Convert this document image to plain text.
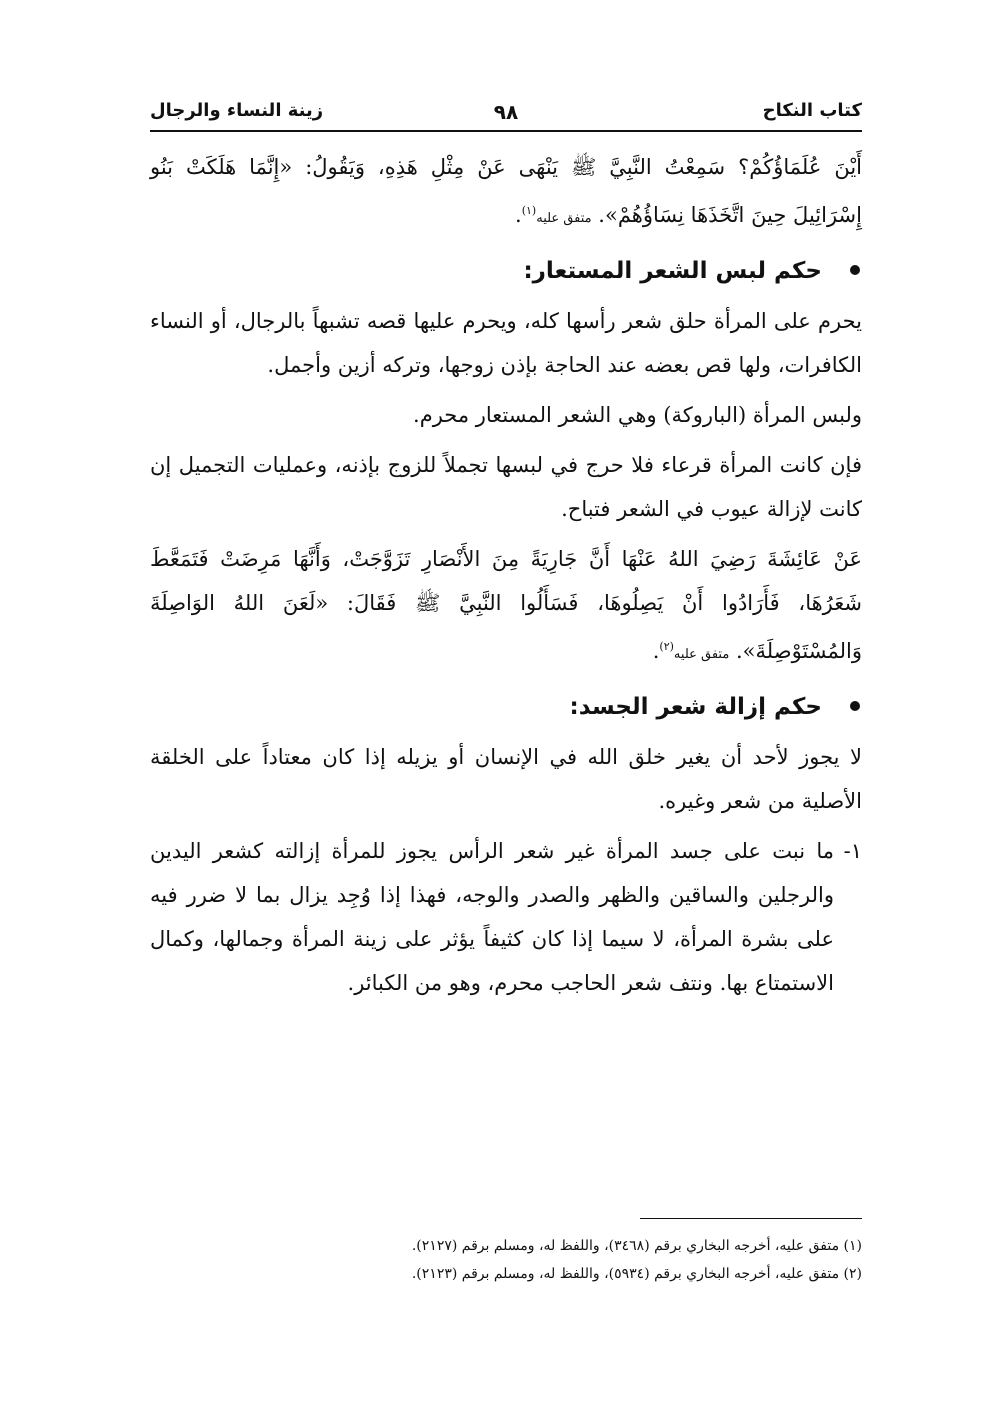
كتاب النكاح
٩٨
زينة النساء والرجال

أَيْنَ عُلَمَاؤُكُمْ؟ سَمِعْتُ النَّبِيَّ ﷺ يَنْهَى عَنْ مِثْلِ هَذِهِ، وَيَقُولُ: «إِنَّمَا هَلَكَتْ بَنُو إِسْرَائِيلَ حِينَ اتَّخَذَهَا نِسَاؤُهُمْ». متفق عليه$^{(١)}$.

حكم لبس الشعر المستعار:

يحرم على المرأة حلق شعر رأسها كله، ويحرم عليها قصه تشبهاً بالرجال، أو النساء الكافرات، ولها قص بعضه عند الحاجة بإذن زوجها، وتركه أزين وأجمل.

ولبس المرأة (الباروكة) وهي الشعر المستعار محرم.

فإن كانت المرأة قرعاء فلا حرج في لبسها تجملاً للزوج بإذنه، وعمليات التجميل إن كانت لإزالة عيوب في الشعر فتباح.

عَنْ عَائِشَةَ رَضِيَ اللهُ عَنْهَا أَنَّ جَارِيَةً مِنَ الأَنْصَارِ تَزَوَّجَتْ، وَأَنَّهَا مَرِضَتْ فَتَمَعَّطَ شَعَرُهَا، فَأَرَادُوا أَنْ يَصِلُوهَا، فَسَأَلُوا النَّبِيَّ ﷺ فَقَالَ: «لَعَنَ اللهُ الوَاصِلَةَ وَالمُسْتَوْصِلَةَ». متفق عليه$^{(٢)}$.

حكم إزالة شعر الجسد:

لا يجوز لأحد أن يغير خلق الله في الإنسان أو يزيله إذا كان معتاداً على الخلقة الأصلية من شعر وغيره.

١-
ما نبت على جسد المرأة غير شعر الرأس يجوز للمرأة إزالته كشعر اليدين والرجلين والساقين والظهر والصدر والوجه، فهذا إذا وُجِد يزال بما لا ضرر فيه على بشرة المرأة، لا سيما إذا كان كثيفاً يؤثر على زينة المرأة وجمالها، وكمال الاستمتاع بها. ونتف شعر الحاجب محرم، وهو من الكبائر.

(١) متفق عليه، أخرجه البخاري برقم (٣٤٦٨)، واللفظ له، ومسلم برقم (٢١٢٧).

(٢) متفق عليه، أخرجه البخاري برقم (٥٩٣٤)، واللفظ له، ومسلم برقم (٢١٢٣).
